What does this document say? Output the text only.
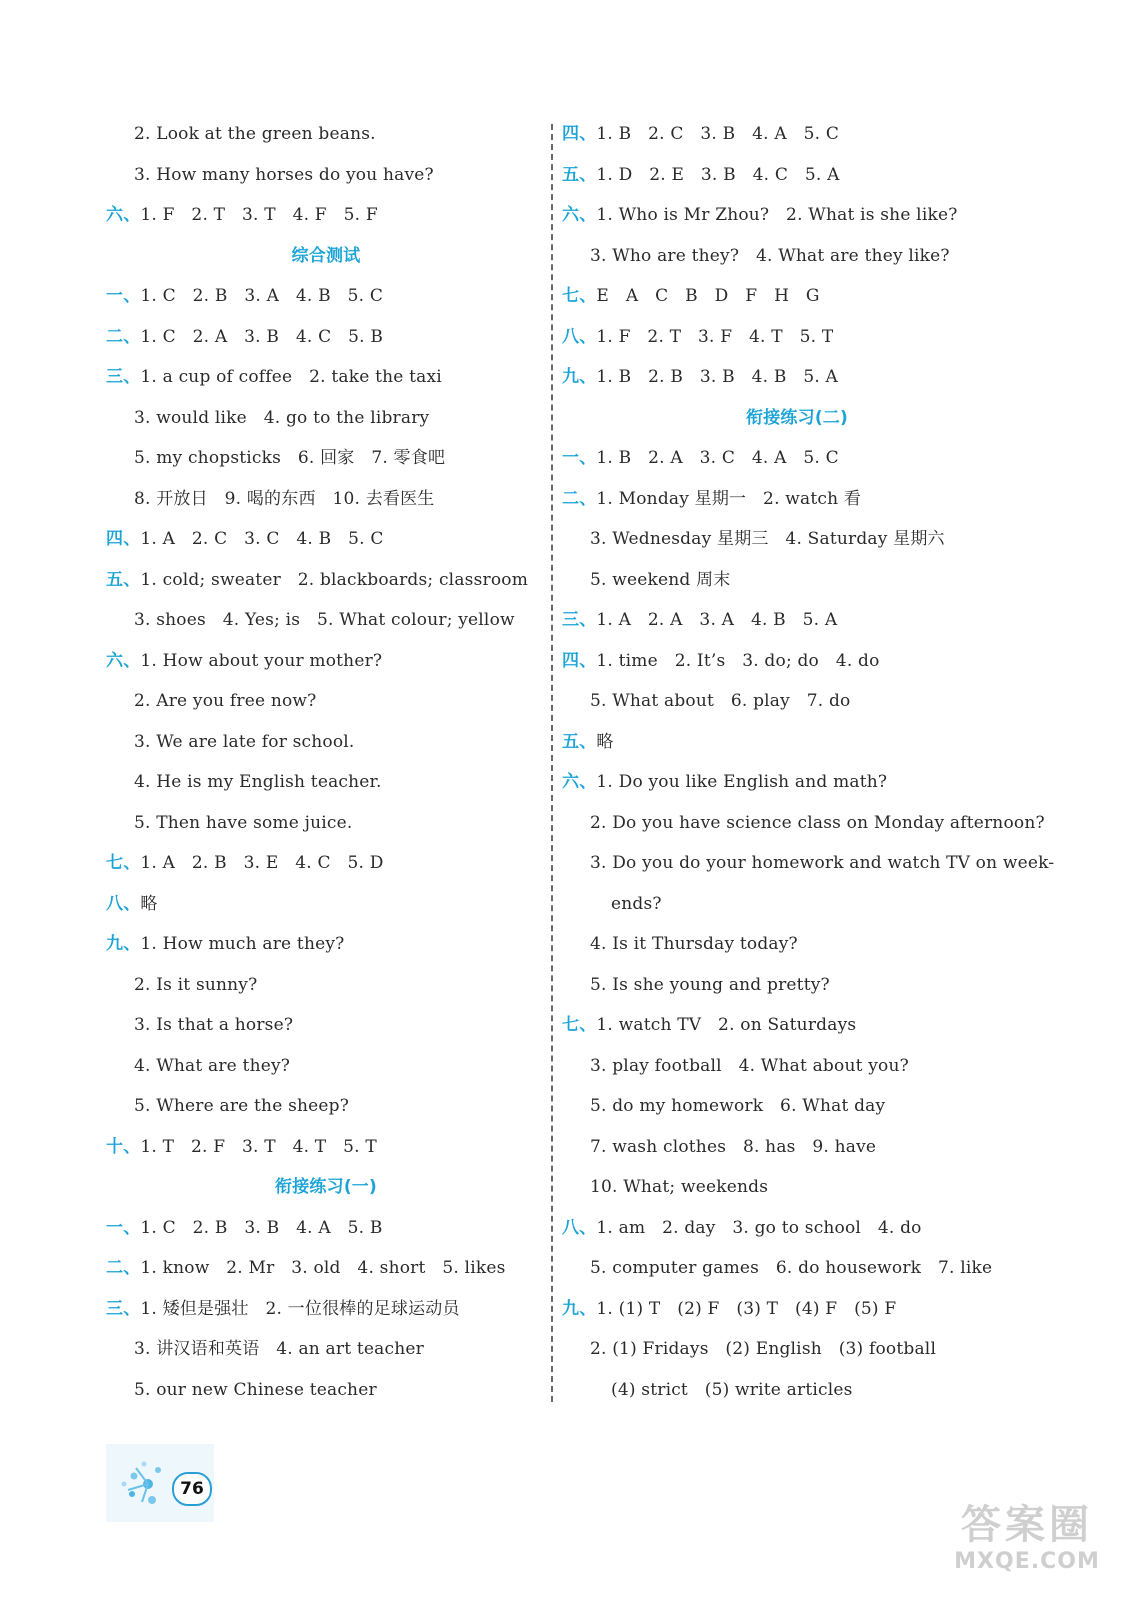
2. Look at the green beans.
3. How many horses do you have?
六、1. F   2. T   3. T   4. F   5. F
综合测试
一、1. C   2. B   3. A   4. B   5. C
二、1. C   2. A   3. B   4. C   5. B
三、1. a cup of coffee   2. take the taxi
3. would like   4. go to the library
5. my chopsticks   6. 回家   7. 零食吧
8. 开放日   9. 喝的东西   10. 去看医生
四、1. A   2. C   3. C   4. B   5. C
五、1. cold; sweater   2. blackboards; classroom
3. shoes   4. Yes; is   5. What colour; yellow
六、1. How about your mother?
2. Are you free now?
3. We are late for school.
4. He is my English teacher.
5. Then have some juice.
七、1. A   2. B   3. E   4. C   5. D
八、略
九、1. How much are they?
2. Is it sunny?
3. Is that a horse?
4. What are they?
5. Where are the sheep?
十、1. T   2. F   3. T   4. T   5. T
衔接练习(一)
一、1. C   2. B   3. B   4. A   5. B
二、1. know   2. Mr   3. old   4. short   5. likes
三、1. 矮但是强壮   2. 一位很棒的足球运动员
3. 讲汉语和英语   4. an art teacher
5. our new Chinese teacher
四、1. B   2. C   3. B   4. A   5. C
五、1. D   2. E   3. B   4. C   5. A
六、1. Who is Mr Zhou?   2. What is she like?
3. Who are they?   4. What are they like?
七、E   A   C   B   D   F   H   G
八、1. F   2. T   3. F   4. T   5. T
九、1. B   2. B   3. B   4. B   5. A
衔接练习(二)
一、1. B   2. A   3. C   4. A   5. C
二、1. Monday 星期一   2. watch 看
3. Wednesday 星期三   4. Saturday 星期六
5. weekend 周末
三、1. A   2. A   3. A   4. B   5. A
四、1. time   2. It’s   3. do; do   4. do
5. What about   6. play   7. do
五、略
六、1. Do you like English and math?
2. Do you have science class on Monday afternoon?
3. Do you do your homework and watch TV on week-
ends?
4. Is it Thursday today?
5. Is she young and pretty?
七、1. watch TV   2. on Saturdays
3. play football   4. What about you?
5. do my homework   6. What day
7. wash clothes   8. has   9. have
10. What; weekends
八、1. am   2. day   3. go to school   4. do
5. computer games   6. do housework   7. like
九、1. (1) T   (2) F   (3) T   (4) F   (5) F
2. (1) Fridays   (2) English   (3) football
(4) strict   (5) write articles
76
答案圈
MXQE.COM
